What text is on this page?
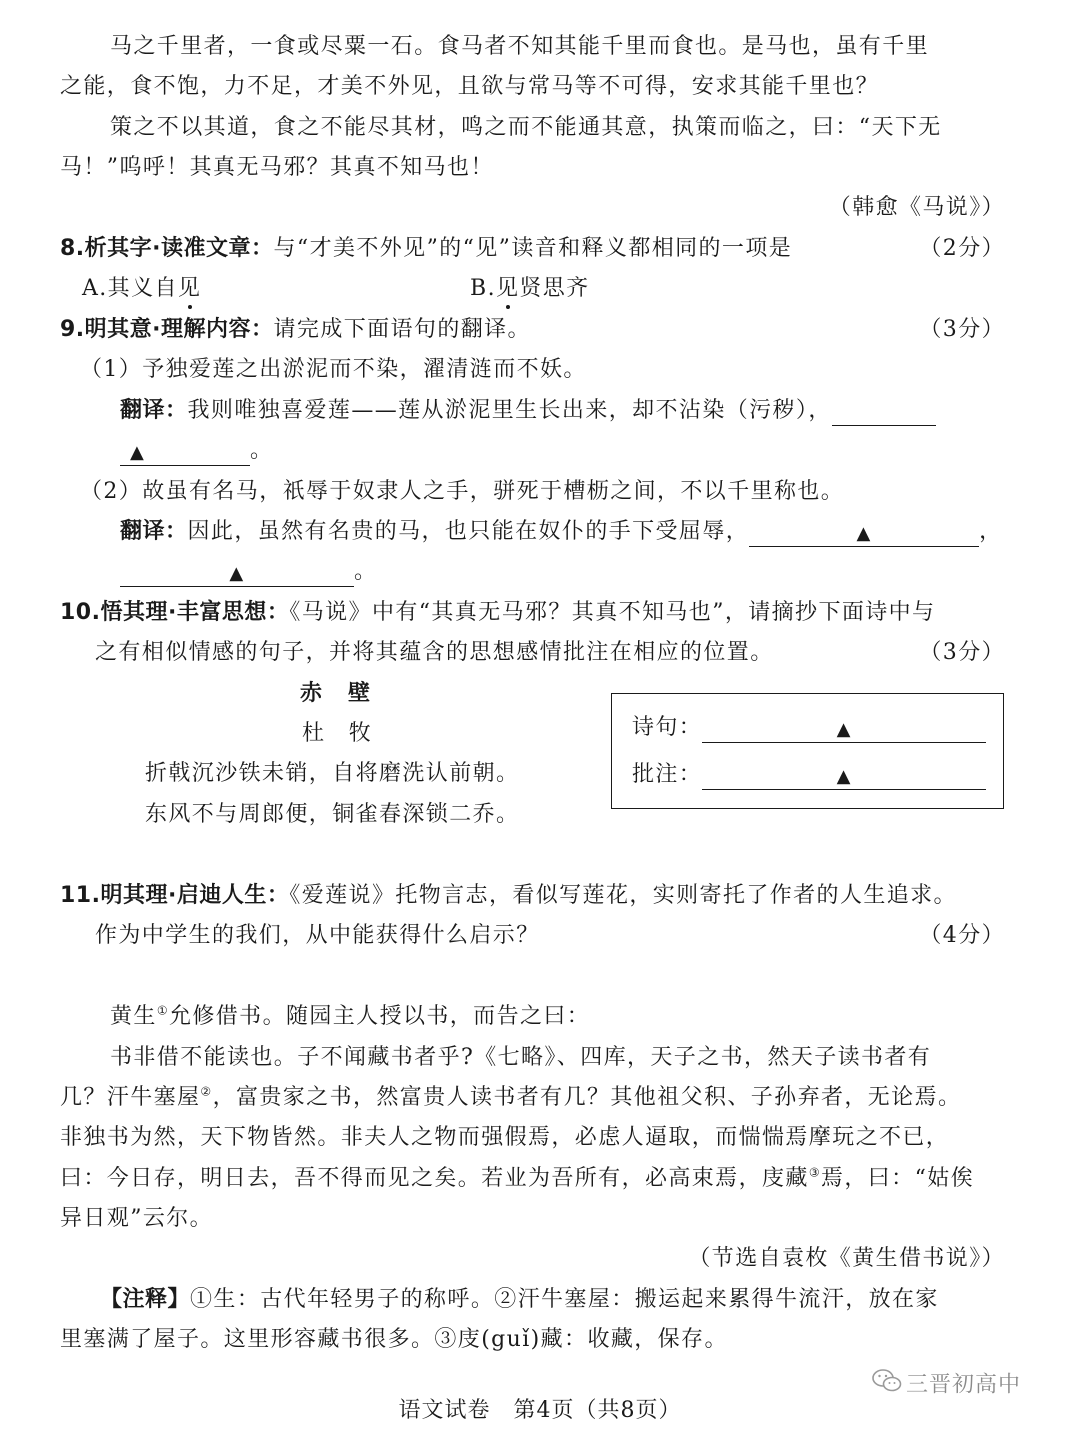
马之千里者，一食或尽粟一石。食马者不知其能千里而食也。是马也，虽有千里
之能，食不饱，力不足，才美不外见，且欲与常马等不可得，安求其能千里也？
策之不以其道，食之不能尽其材，鸣之而不能通其意，执策而临之，曰：“天下无
马！”呜呼！其真无马邪？其真不知马也！
（韩愈《马说》）
8.析其字·读准文章：与“才美不外见”的“见”读音和释义都相同的一项是	（2分）
A.其义自见	B.见贤思齐
9.明其意·理解内容：请完成下面语句的翻译。	（3分）
（1）予独爱莲之出淤泥而不染，濯清涟而不妖。
翻译：我则唯独喜爱莲——莲从淤泥里生长出来，却不沾染（污秽），
▲	。
（2）故虽有名马，祇辱于奴隶人之手，骈死于槽枥之间，不以千里称也。
翻译：因此，虽然有名贵的马，也只能在奴仆的手下受屈辱，	▲	，
▲	。
10.悟其理·丰富思想：《马说》中有“其真无马邪？其真不知马也”，请摘抄下面诗中与
之有相似情感的句子，并将其蕴含的思想感情批注在相应的位置。	（3分）
赤　壁
杜　牧
折戟沉沙铁未销，自将磨洗认前朝。
东风不与周郎便，铜雀春深锁二乔。
诗句：	▲
批注：	▲
11.明其理·启迪人生：《爱莲说》托物言志，看似写莲花，实则寄托了作者的人生追求。
作为中学生的我们，从中能获得什么启示？	（4分）
黄生①允修借书。随园主人授以书，而告之曰：
书非借不能读也。子不闻藏书者乎?《七略》、四库，天子之书，然天子读书者有
几？汗牛塞屋②，富贵家之书，然富贵人读书者有几？其他祖父积、子孙弃者，无论焉。
非独书为然，天下物皆然。非夫人之物而强假焉，必虑人逼取，而惴惴焉摩玩之不已，
曰：今日存，明日去，吾不得而见之矣。若业为吾所有，必高束焉，庋藏③焉，曰：“姑俟
异日观”云尔。
（节选自袁枚《黄生借书说》）
【注释】①生：古代年轻男子的称呼。②汗牛塞屋：搬运起来累得牛流汗，放在家
里塞满了屋子。这里形容藏书很多。③庋(guǐ)藏：收藏，保存。
三晋初高中
语文试卷　第4页（共8页）
